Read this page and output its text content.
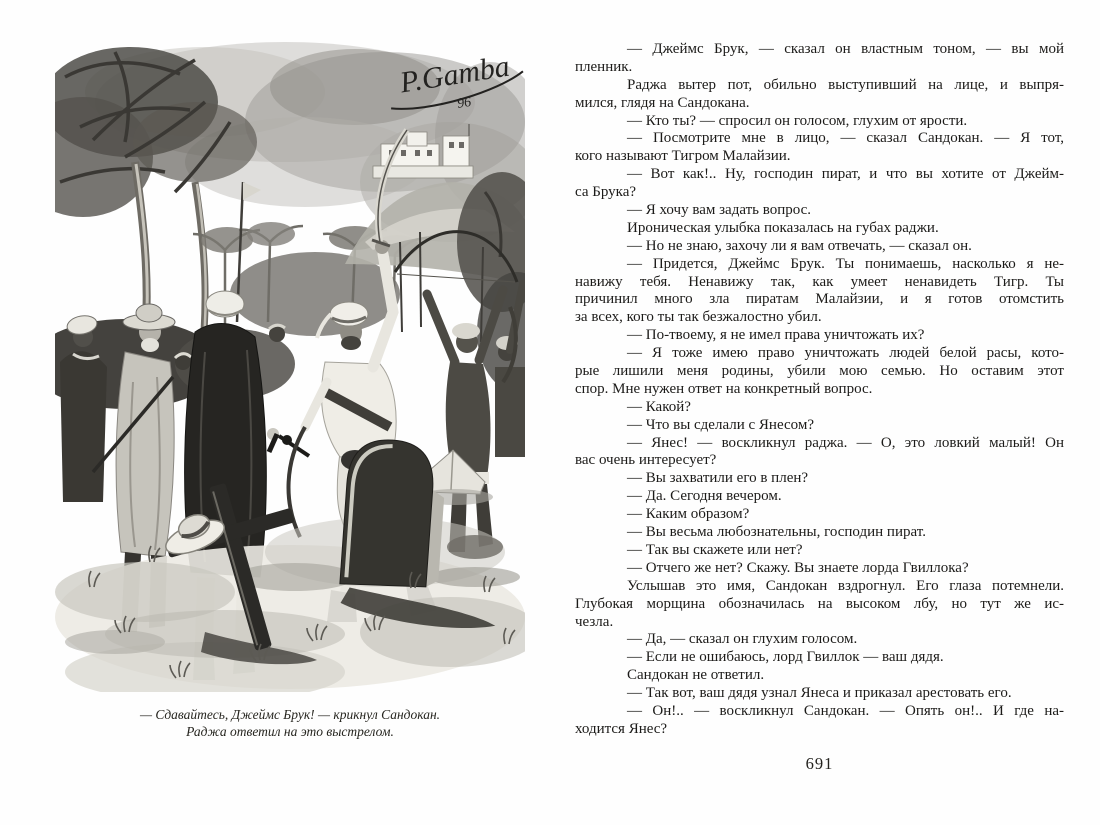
P.Gamba
96
— Сдавайтесь, Джеймс Брук! — крикнул Сандокан.
Раджа ответил на это выстрелом.
— Джеймс Брук, — сказал он властным тоном, — вы мой
пленник.
Раджа вытер пот, обильно выступивший на лице, и выпря-
мился, глядя на Сандокана.
— Кто ты? — спросил он голосом, глухим от ярости.
— Посмотрите мне в лицо, — сказал Сандокан. — Я тот,
кого называют Тигром Малайзии.
— Вот как!.. Ну, господин пират, и что вы хотите от Джейм-
са Брука?
— Я хочу вам задать вопрос.
Ироническая улыбка показалась на губах раджи.
— Но не знаю, захочу ли я вам отвечать, — сказал он.
— Придется, Джеймс Брук. Ты понимаешь, насколько я не-
навижу тебя. Ненавижу так, как умеет ненавидеть Тигр. Ты
причинил много зла пиратам Малайзии, и я готов отомстить
за всех, кого ты так безжалостно убил.
— По-твоему, я не имел права уничтожать их?
— Я тоже имею право уничтожать людей белой расы, кото-
рые лишили меня родины, убили мою семью. Но оставим этот
спор. Мне нужен ответ на конкретный вопрос.
— Какой?
— Что вы сделали с Янесом?
— Янес! — воскликнул раджа. — О, это ловкий малый! Он
вас очень интересует?
— Вы захватили его в плен?
— Да. Сегодня вечером.
— Каким образом?
— Вы весьма любознательны, господин пират.
— Так вы скажете или нет?
— Отчего же нет? Скажу. Вы знаете лорда Гвиллока?
Услышав это имя, Сандокан вздрогнул. Его глаза потемнели.
Глубокая морщина обозначилась на высоком лбу, но тут же ис-
чезла.
— Да, — сказал он глухим голосом.
— Если не ошибаюсь, лорд Гвиллок — ваш дядя.
Сандокан не ответил.
— Так вот, ваш дядя узнал Янеса и приказал арестовать его.
— Он!.. — воскликнул Сандокан. — Опять он!.. И где на-
ходится Янес?
691
